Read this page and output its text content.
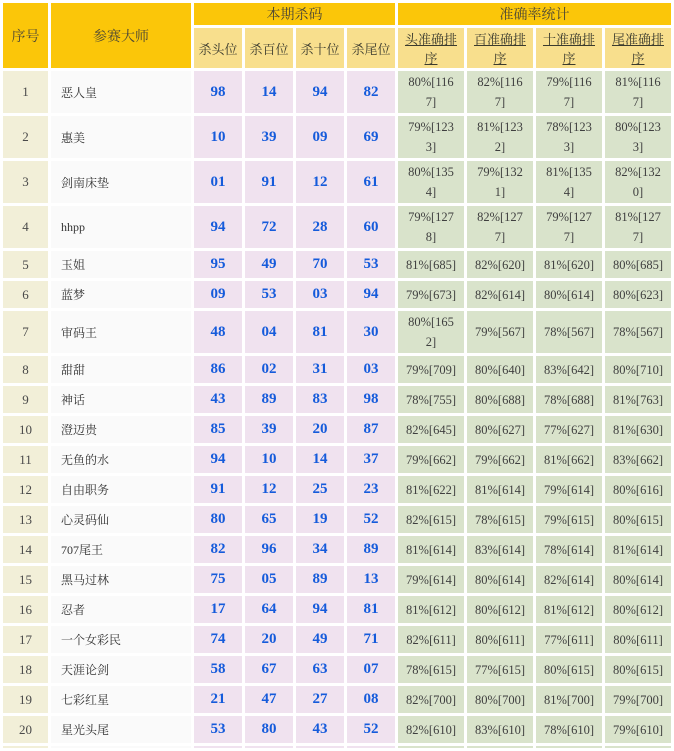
序号	参赛大师	本期杀码				准确率统计			
		杀头位	杀百位	杀十位	杀尾位	头准确排序	百准确排序	十准确排序	尾准确排序
1	恶人皇	98	14	94	82	80%[1167]	82%[1167]	79%[1167]	81%[1167]
2	惠美	10	39	09	69	79%[1233]	81%[1232]	78%[1233]	80%[1233]
3	剑南床垫	01	91	12	61	80%[1354]	79%[1321]	81%[1354]	82%[1320]
4	hhpp	94	72	28	60	79%[1278]	82%[1277]	79%[1277]	81%[1277]
5	玉姐	95	49	70	53	81%[685]	82%[620]	81%[620]	80%[685]
6	蓝梦	09	53	03	94	79%[673]	82%[614]	80%[614]	80%[623]
7	审码王	48	04	81	30	80%[1652]	79%[567]	78%[567]	78%[567]
8	甜甜	86	02	31	03	79%[709]	80%[640]	83%[642]	80%[710]
9	神话	43	89	83	98	78%[755]	80%[688]	78%[688]	81%[763]
10	澄迈贵	85	39	20	87	82%[645]	80%[627]	77%[627]	81%[630]
11	无鱼的水	94	10	14	37	79%[662]	79%[662]	81%[662]	83%[662]
12	自由职务	91	12	25	23	81%[622]	81%[614]	79%[614]	80%[616]
13	心灵码仙	80	65	19	52	82%[615]	78%[615]	79%[615]	80%[615]
14	707尾王	82	96	34	89	81%[614]	83%[614]	78%[614]	81%[614]
15	黑马过林	75	05	89	13	79%[614]	80%[614]	82%[614]	80%[614]
16	忍者	17	64	94	81	81%[612]	80%[612]	81%[612]	80%[612]
17	一个女彩民	74	20	49	71	82%[611]	80%[611]	77%[611]	80%[611]
18	天涯论剑	58	67	63	07	78%[615]	77%[615]	80%[615]	80%[615]
19	七彩红星	21	47	27	08	82%[700]	80%[700]	81%[700]	79%[700]
20	星光头尾	53	80	43	52	82%[610]	83%[610]	78%[610]	79%[610]
